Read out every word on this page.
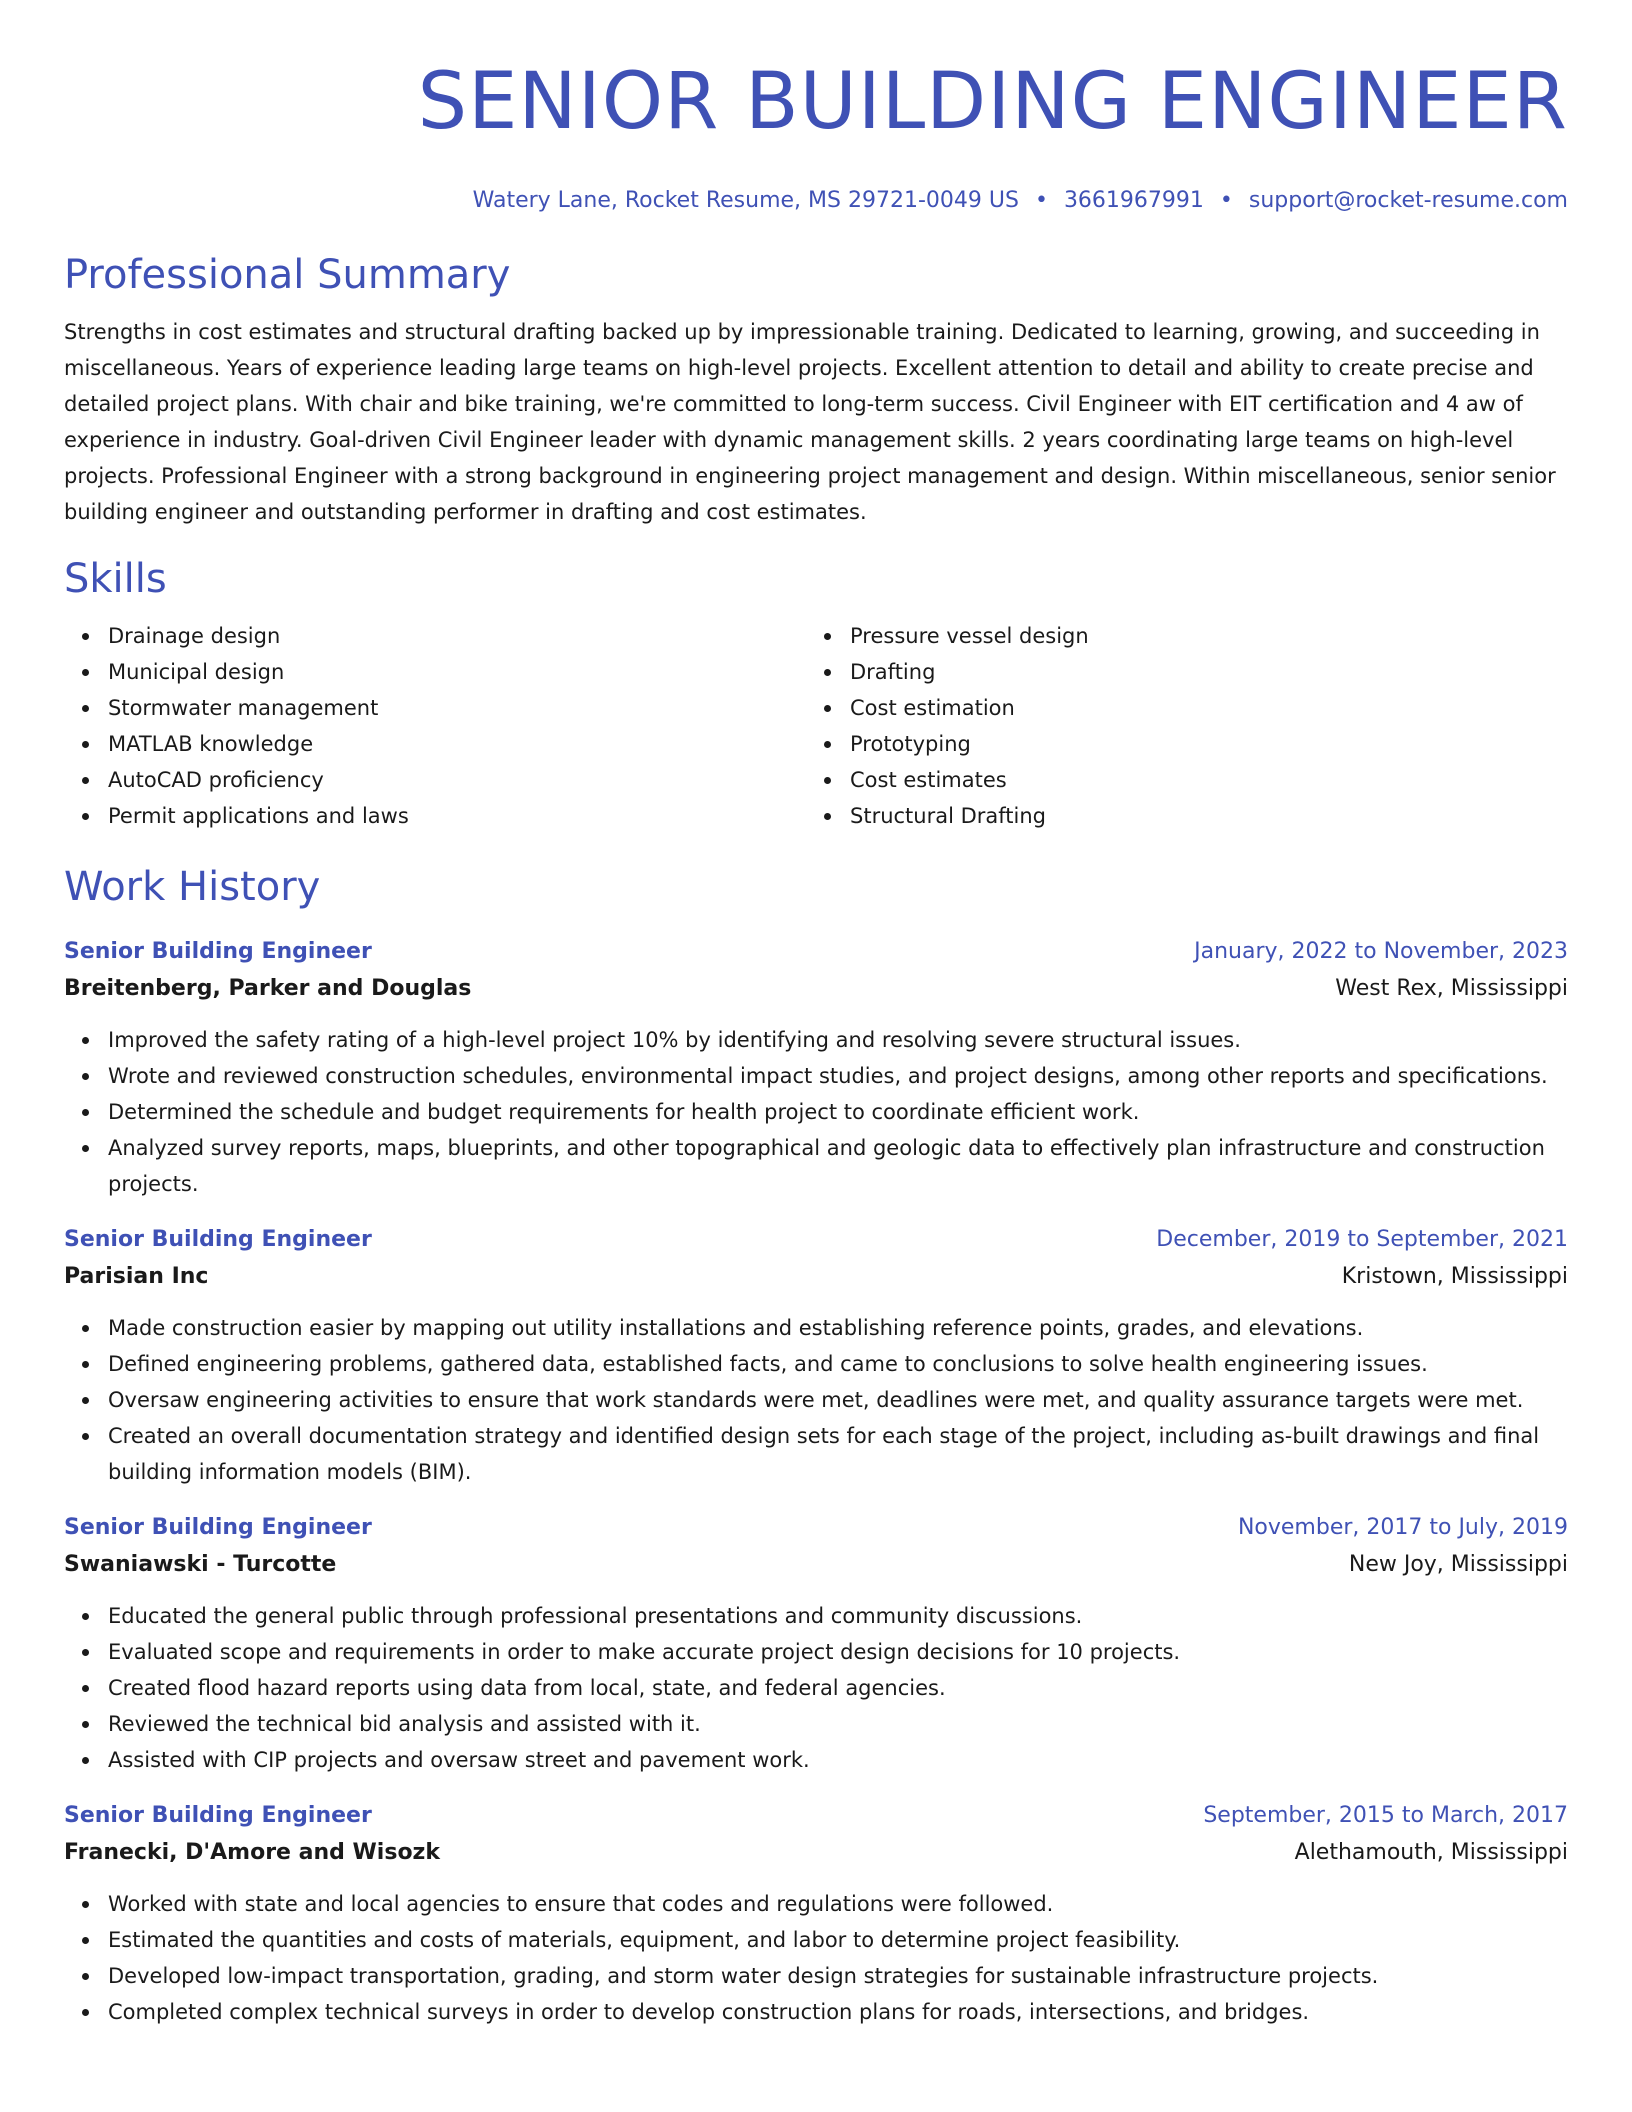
SENIOR BUILDING ENGINEER
Watery Lane, Rocket Resume, MS 29721-0049 US • 3661967991 • support@rocket-resume.com
Professional Summary
Strengths in cost estimates and structural drafting backed up by impressionable training. Dedicated to learning, growing, and succeeding in miscellaneous. Years of experience leading large teams on high-level projects. Excellent attention to detail and ability to create precise and detailed project plans. With chair and bike training, we're committed to long-term success. Civil Engineer with EIT certification and 4 aw of experience in industry. Goal-driven Civil Engineer leader with dynamic management skills. 2 years coordinating large teams on high-level projects. Professional Engineer with a strong background in engineering project management and design. Within miscellaneous, senior senior building engineer and outstanding performer in drafting and cost estimates.
Skills
Drainage design
Municipal design
Stormwater management
MATLAB knowledge
AutoCAD proficiency
Permit applications and laws
Pressure vessel design
Drafting
Cost estimation
Prototyping
Cost estimates
Structural Drafting
Work History
Senior Building Engineer	January, 2022 to November, 2023
Breitenberg, Parker and Douglas	West Rex, Mississippi
Improved the safety rating of a high-level project 10% by identifying and resolving severe structural issues.
Wrote and reviewed construction schedules, environmental impact studies, and project designs, among other reports and specifications.
Determined the schedule and budget requirements for health project to coordinate efficient work.
Analyzed survey reports, maps, blueprints, and other topographical and geologic data to effectively plan infrastructure and construction projects.
Senior Building Engineer	December, 2019 to September, 2021
Parisian Inc	Kristown, Mississippi
Made construction easier by mapping out utility installations and establishing reference points, grades, and elevations.
Defined engineering problems, gathered data, established facts, and came to conclusions to solve health engineering issues.
Oversaw engineering activities to ensure that work standards were met, deadlines were met, and quality assurance targets were met.
Created an overall documentation strategy and identified design sets for each stage of the project, including as-built drawings and final building information models (BIM).
Senior Building Engineer	November, 2017 to July, 2019
Swaniawski - Turcotte	New Joy, Mississippi
Educated the general public through professional presentations and community discussions.
Evaluated scope and requirements in order to make accurate project design decisions for 10 projects.
Created flood hazard reports using data from local, state, and federal agencies.
Reviewed the technical bid analysis and assisted with it.
Assisted with CIP projects and oversaw street and pavement work.
Senior Building Engineer	September, 2015 to March, 2017
Franecki, D'Amore and Wisozk	Alethamouth, Mississippi
Worked with state and local agencies to ensure that codes and regulations were followed.
Estimated the quantities and costs of materials, equipment, and labor to determine project feasibility.
Developed low-impact transportation, grading, and storm water design strategies for sustainable infrastructure projects.
Completed complex technical surveys in order to develop construction plans for roads, intersections, and bridges.
